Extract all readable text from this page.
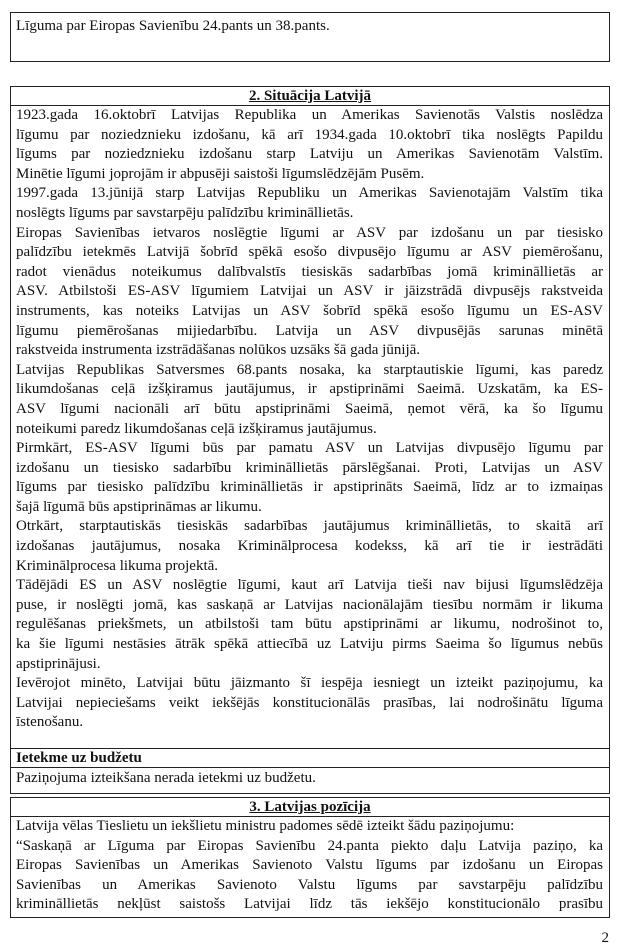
Līguma par Eiropas Savienību 24.pants un 38.pants.
2. Situācija Latvijā
1923.gada 16.oktobrī Latvijas Republika un Amerikas Savienotās Valstis noslēdza
līgumu par noziedznieku izdošanu, kā arī 1934.gada 10.oktobrī tika noslēgts Papildu
līgums par noziedznieku izdošanu starp Latviju un Amerikas Savienotām Valstīm.
Minētie līgumi joprojām ir abpusēji saistoši līgumslēdzējām Pusēm.
1997.gada 13.jūnijā starp Latvijas Republiku un Amerikas Savienotajām Valstīm tika
noslēgts līgums par savstarpēju palīdzību krimināllietās.
Eiropas Savienības ietvaros noslēgtie līgumi ar ASV par izdošanu un par tiesisko
palīdzību ietekmēs Latvijā šobrīd spēkā esošo divpusējo līgumu ar ASV piemērošanu,
radot vienādus noteikumus dalībvalstīs tiesiskās sadarbības jomā krimināllietās ar
ASV. Atbilstoši ES-ASV līgumiem Latvijai un ASV ir jāizstrādā divpusējs rakstveida
instruments, kas noteiks Latvijas un ASV šobrīd spēkā esošo līgumu un ES-ASV
līgumu piemērošanas mijiedarbību. Latvija un ASV divpusējās sarunas minētā
rakstveida instrumenta izstrādāšanas nolūkos uzsāks šā gada jūnijā.
Latvijas Republikas Satversmes 68.pants nosaka, ka starptautiskie līgumi, kas paredz
likumdošanas ceļā izšķiramus jautājumus, ir apstiprināmi Saeimā. Uzskatām, ka ES-
ASV līgumi nacionāli arī būtu apstiprināmi Saeimā, ņemot vērā, ka šo līgumu
noteikumi paredz likumdošanas ceļā izšķiramus jautājumus.
Pirmkārt, ES-ASV līgumi būs par pamatu ASV un Latvijas divpusējo līgumu par
izdošanu un tiesisko sadarbību krimināllietās pārslēgšanai. Proti, Latvijas un ASV
līgums par tiesisko palīdzību krimināllietās ir apstiprināts Saeimā, līdz ar to izmaiņas
šajā līgumā būs apstiprināmas ar likumu.
Otrkārt, starptautiskās tiesiskās sadarbības jautājumus krimināllietās, to skaitā arī
izdošanas jautājumus, nosaka Kriminālprocesa kodekss, kā arī tie ir iestrādāti
Kriminālprocesa likuma projektā.
Tādējādi ES un ASV noslēgtie līgumi, kaut arī Latvija tieši nav bijusi līgumslēdzēja
puse, ir noslēgti jomā, kas saskaņā ar Latvijas nacionālajām tiesību normām ir likuma
regulēšanas priekšmets, un atbilstoši tam būtu apstiprināmi ar likumu, nodrošinot to,
ka šie līgumi nestāsies ātrāk spēkā attiecībā uz Latviju pirms Saeima šo līgumus nebūs
apstiprinājusi.
Ievērojot minēto, Latvijai būtu jāizmanto šī iespēja iesniegt un izteikt paziņojumu, ka
Latvijai nepieciešams veikt iekšējās konstitucionālās prasības, lai nodrošinātu līguma
īstenošanu.
Ietekme uz budžetu
Paziņojuma izteikšana nerada ietekmi uz budžetu.
3. Latvijas pozīcija
Latvija vēlas Tieslietu un iekšlietu ministru padomes sēdē izteikt šādu paziņojumu:
“Saskaņā ar Līguma par Eiropas Savienību 24.panta piekto daļu Latvija paziņo, ka
Eiropas Savienības un Amerikas Savienoto Valstu līgums par izdošanu un Eiropas
Savienības un Amerikas Savienoto Valstu līgums par savstarpēju palīdzību
krimināllietās nekļūst saistošs Latvijai līdz tās iekšējo konstitucionālo prasību
2
